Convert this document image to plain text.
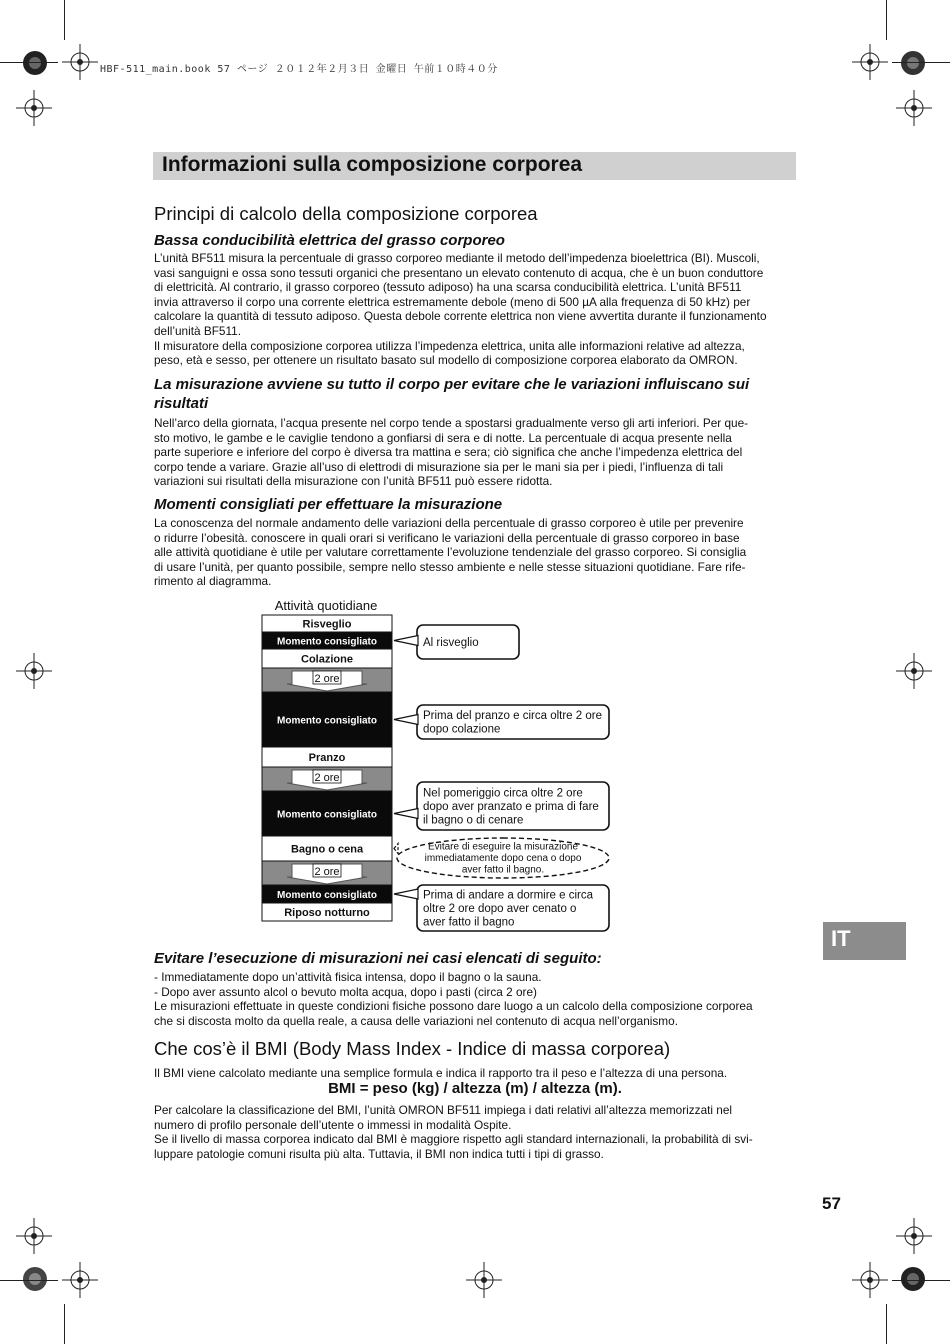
HBF-511_main.book 57 ページ ２０１２年２月３日 金曜日 午前１０時４０分
Informazioni sulla composizione corporea
Principi di calcolo della composizione corporea
Bassa conducibilità elettrica del grasso corporeo

L’unità BF511 misura la percentuale di grasso corporeo mediante il metodo dell’impedenza bioelettrica (BI). Muscoli,

vasi sanguigni e ossa sono tessuti organici che presentano un elevato contenuto di acqua, che è un buon conduttore

di elettricità. Al contrario, il grasso corporeo (tessuto adiposo) ha una scarsa conducibilità elettrica. L’unità BF511

invia attraverso il corpo una corrente elettrica estremamente debole (meno di 500 µA alla frequenza di 50 kHz) per

calcolare la quantità di tessuto adiposo. Questa debole corrente elettrica non viene avvertita durante il funzionamento

dell’unità BF511.

Il misuratore della composizione corporea utilizza l’impedenza elettrica, unita alle informazioni relative ad altezza,

peso, età e sesso, per ottenere un risultato basato sul modello di composizione corporea elaborato da OMRON.

La misurazione avviene su tutto il corpo per evitare che le variazioni influiscano sui
risultati

Nell’arco della giornata, l’acqua presente nel corpo tende a spostarsi gradualmente verso gli arti inferiori. Per que-

sto motivo, le gambe e le caviglie tendono a gonfiarsi di sera e di notte. La percentuale di acqua presente nella

parte superiore e inferiore del corpo è diversa tra mattina e sera; ciò significa che anche l’impedenza elettrica del

corpo tende a variare. Grazie all’uso di elettrodi di misurazione sia per le mani sia per i piedi, l’influenza di tali

variazioni sui risultati della misurazione con l’unità BF511 può essere ridotta.

Momenti consigliati per effettuare la misurazione

La conoscenza del normale andamento delle variazioni della percentuale di grasso corporeo è utile per prevenire

o ridurre l’obesità. conoscere in quali orari si verificano le variazioni della percentuale di grasso corporeo in base

alle attività quotidiane è utile per valutare correttamente l’evoluzione tendenziale del grasso corporeo. Si consiglia

di usare l’unità, per quanto possibile, sempre nello stesso ambiente e nelle stesse situazioni quotidiane. Fare rife-

rimento al diagramma.

Attività quotidiane
Risveglio
Momento consigliato
Colazione
2 ore
Momento consigliato
Pranzo
2 ore
Momento consigliato
Bagno o cena
2 ore
Momento consigliato
Riposo notturno
Al risveglio
Prima del pranzo e circa oltre 2 ore
dopo colazione
Nel pomeriggio circa oltre 2 ore
dopo aver pranzato e prima di fare
il bagno o di cenare
Evitare di eseguire la misurazione
immediatamente dopo cena o dopo
aver fatto il bagno.
Prima di andare a dormire e circa
oltre 2 ore dopo aver cenato o
aver fatto il bagno
Evitare l’esecuzione di misurazioni nei casi elencati di seguito:

- Immediatamente dopo un’attività fisica intensa, dopo il bagno o la sauna.

- Dopo aver assunto alcol o bevuto molta acqua, dopo i pasti (circa 2 ore)

Le misurazioni effettuate in queste condizioni fisiche possono dare luogo a un calcolo della composizione corporea

che si discosta molto da quella reale, a causa delle variazioni nel contenuto di acqua nell’organismo.

Che cos’è il BMI (Body Mass Index - Indice di massa corporea)

Il BMI viene calcolato mediante una semplice formula e indica il rapporto tra il peso e l’altezza di una persona.

BMI = peso (kg) / altezza (m) / altezza (m).

Per calcolare la classificazione del BMI, l’unità OMRON BF511 impiega i dati relativi all’altezza memorizzati nel

numero di profilo personale dell’utente o immessi in modalità Ospite.

Se il livello di massa corporea indicato dal BMI è maggiore rispetto agli standard internazionali, la probabilità di svi-

luppare patologie comuni risulta più alta. Tuttavia, il BMI non indica tutti i tipi di grasso.

IT
57
